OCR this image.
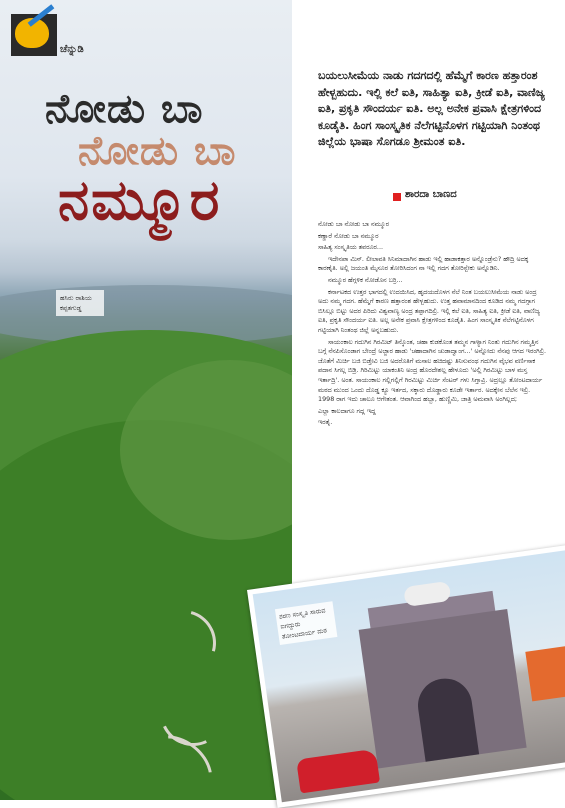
ಚೆನ್ನುಡಿ
ನೋಡು ಬಾ
ನೋಡು ಬಾ
ನಮ್ಮೂರ
ಹಸಿರು ರಾಶಿಯ ಕಪ್ಪತಗುಡ್ಡ

ಬಯಲುಸೀಮೆಯ ನಾಡು ಗದಗದಲ್ಲಿ ಹೆಮ್ಮೆಗೆ ಕಾರಣ ಹತ್ತಾರಂಶ ಹೇಳ್ಬಹುದು. ಇಲ್ಲಿ ಕಲೆ ಐತಿ, ಸಾಹಿತ್ಯಾ ಐತಿ, ಕ್ರೀಡೆ ಐತಿ, ವಾಣಿಜ್ಯ ಐತಿ, ಪ್ರಕೃತಿ ಸೌಂದರ್ಯ ಐತಿ. ಅಲ್ಲ ಅನೇಕ ಪ್ರವಾಸಿ ಕ್ಷೇತ್ರಗಳಿಂದ ಕೂಡೈತಿ. ಹಿಂಗ ಸಾಂಸ್ಕೃತಿಕ ನೆಲೆಗಟ್ಟಿನೊಳಗ ಗಟ್ಟಿಯಾಗಿ ನಿಂತಂಥ ಜಿಲ್ಲೆಯ ಭಾಷಾ ಸೊಗಡೂ ಶ್ರೀಮಂತ ಐತಿ.

ಶಾರದಾ ಬಾಣದ

ನೋಡು ಬಾ ನೋಡು ಬಾ ನಮ್ಮೂರ

ಕಣ್ಣಾರೆ ನೋಡು ಬಾ ನಮ್ಮೂರ

ಸಾಹಿತ್ಯ ಸಂಸ್ಕೃತಿಯ ತವರೂರ...

ಇದೇನಪಾ ಮಿಸ್. ಲೀಲಾವತಿ ಸಿನಿಮಾದಾಗಿನ ಹಾಡು ಇಲ್ಲಿ ಹಾಡಾಕತ್ತಾರ ಅನ್ನೊಂಡ್ರೆನು? ಹೌದ್ರಿ ಅದಕ್ಕ ಕಾರಣೈತಿ. ಅಲ್ಲಿ ಜಯಂತಿ ಮೈಸೂರ ತೋರಿಸಿದಂಗ ನಾ ಇಲ್ಲಿ ಗದಗ ತೋರಿಸ್ಬೇಕು ಅನ್ನೊಡಿನಿ.

ನಮ್ಮೂರ ಹೆಗ್ಗಳಿಕ ನೋಡೊನ ಬರ್ರಿ...

ಕರ್ನಾಟಕದ ಉತ್ತರ ಭಾಗದಲ್ಲಿ ಉದಯಿಸಿದ, ಹೃದಯದೊಳಗ ನೆಲೆ ನಿಂತ ಬಯಲುಸೀಮೆಯ ನಾಡು ಅಂದ್ರ ಅದು ನಮ್ಮ ಗದಗ. ಹೆಮ್ಮೆಗೆ ಕಾರಣ ಹತ್ತಾರಂಶ ಹೇಳ್ಬಹುದು. ಉತ್ತ ಹವಾಮಾನದಿಂದ ಕೂಡಿದ ನಮ್ಮ ಗದಗ್ಗಾಗ ಬಿಸಿಲ್ಗೂ ಬಿಟ್ಟು ಅದರ ಪಿರಿದು ವಿಶ್ವವಾಣ್ಯ ಅಂದ್ರ ತಪ್ಪಾಗದಿಲ್ರಿ. ಇಲ್ಲಿ ಕಲೆ ಐತಿ, ಸಾಹಿತ್ಯ ಐತಿ, ಕ್ರೀಡೆ ಐತಿ, ವಾಣಿಜ್ಯ ಐತಿ, ಪ್ರಕೃತಿ ಸೌಂದರ್ಯ ಐತಿ. ಅಲ್ಲ ಅನೇಕ ಪ್ರವಾಸಿ ಕ್ಷೇತ್ರಗಳಿಂದ ಕೂಡೈತಿ. ಹಿಂಗ ಸಾಂಸ್ಕೃತಿಕ ನೆಲೆಗಟ್ಟಿನೊಳಗ ಗಟ್ಟಿಯಾಗಿ ನಿಂತಂಥ ಜಿಲ್ಲೆ ಅನ್ನಬಹುದು.

ಸಾಯಂಕಾಲ ಗದುಗಿನ ಗಿರಮಿಟ್ ತಿನ್ಕೊಂತ, ಚಹಾ ಕುಡಕೊಂತ ತಮ್ಮನ ಗಾಳ್ಯಾಗ ನಿಂತು ಗದುಗಿನ ಗಮ್ಮತ್ತಿನ ಬಗ್ಗೆ ನೆನಪಿಸೊಂಡಾಗ ಬೇಂದ್ರೆ ಅಜ್ಜಾರ ಹಾಡು 'ಚಹಾದಾಗಿನ ಚುಡಾದ್ವಾಂಗ...' ಅನ್ನೋದು ನೆನಪು ಆಗದ ಇರಂಗಿಲ್ರಿ. ಜೊತೆಗೆ ಮಿರ್ಚಿ ಬಜಿ ಬಿಡ್ತೇವಿ ಬಜಿ ಅದರೊತಿಗೆ ಮಸಾಲ ಹಚಿದಷ್ಟು ತಿನಿಸುವಂಥ ಗದುಗಿನ ವೈಭವ ವರ್ಣಿಸಾಕ ಪದಾನ ಸಿಗಲ್ಲ ಬಿಡ್ರಿ. ಗಿರಿಮಿಟ್ಟು ಯಾಕಂತಿನಿ ಅಂದ್ರ ಹೊರದೇಶಲ್ಲ ಹೇಳೂದು 'ಅಲ್ಲಿ ಗಿರಮಿಟ್ಟು ಬಾಳ ಮಸ್ತ ಇರ್ತಾದ್ರಿ'. ಅಂತ. ಸಾಯಂಕಾಲ ಗಲ್ಲಿಗಲ್ಲಿಗೆ ಗಿರಮಿಟ್ಟು ಮಿರ್ಚಿ ಸೆಂಟರ್ ಗಳು ಸಿಗ್ತಾವ್ರಿ. ಅದ್ರಲ್ಲೂ ತೋಂಟದಾರ್ಯ ಮಠದ ಮುಂದ ಒಂದು ದೊಡ್ಡ ಕ್ಯೂ ಇರ್ತದ, ಸಕ್ಕಾರು ದೊಡ್ಡಾರು ಕೂಡೇ ಇರ್ತಾರ. ಅದಕ್ಕೇನ ಬೆಲೆನ ಇಲ್ರಿ. 1998 ರಾಗ ಇದು ಚಾಲೂ ಆಗೇತಂತ. ಆವಾಗಿಂದ ಹಬ್ಬಾ, ಹುಣ್ಣಿಮಿ, ಜಾತ್ರಿ ಅಮವಾಸಿ ಅಂಗಿಲ್ಲದ;

ಎಲ್ಲಾ ಕಾಲದಾಗೂ ಗದ್ಲ ಇದ್ದ

ಇರತೈ.

ಶರಣ ಸಂಸ್ಕೃತಿ ಸಾರುವ ಐಗದ್ದುರು ತೋಂಟದಾರ್ಯ ಮಠ
